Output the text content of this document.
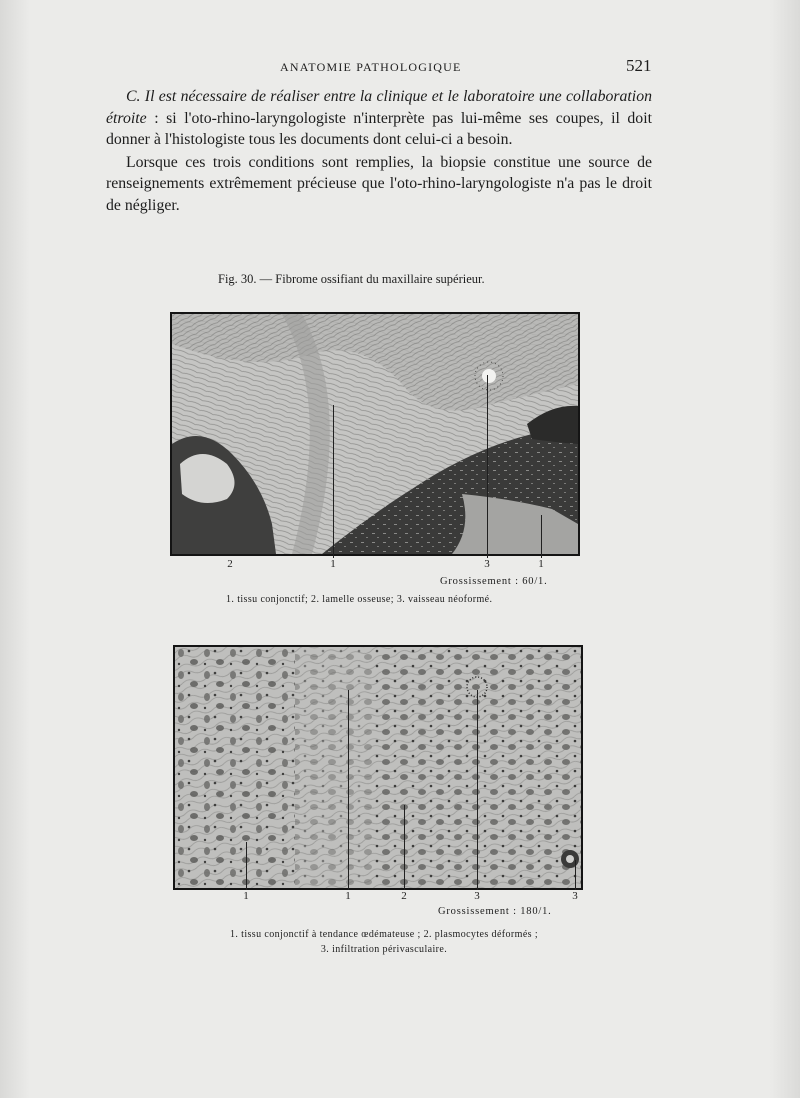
ANATOMIE PATHOLOGIQUE	521

C. Il est nécessaire de réaliser entre la clinique et le laboratoire une collaboration étroite : si l'oto-rhino-laryngologiste n'interprète pas lui-même ses coupes, il doit donner à l'histologiste tous les documents dont celui-ci a besoin.

Lorsque ces trois conditions sont remplies, la biopsie constitue une source de renseignements extrêmement précieuse que l'oto-rhino-laryngologiste n'a pas le droit de négliger.

Fig. 30. — Fibrome ossifiant du maxillaire supérieur.
2	1	3	1
Grossissement : 60/1.
1. tissu conjonctif; 2. lamelle osseuse; 3. vaisseau néoformé.
1	1	2	3	3
Grossissement : 180/1.
1. tissu conjonctif à tendance œdémateuse ; 2. plasmocytes déformés ;
3. infiltration périvasculaire.
